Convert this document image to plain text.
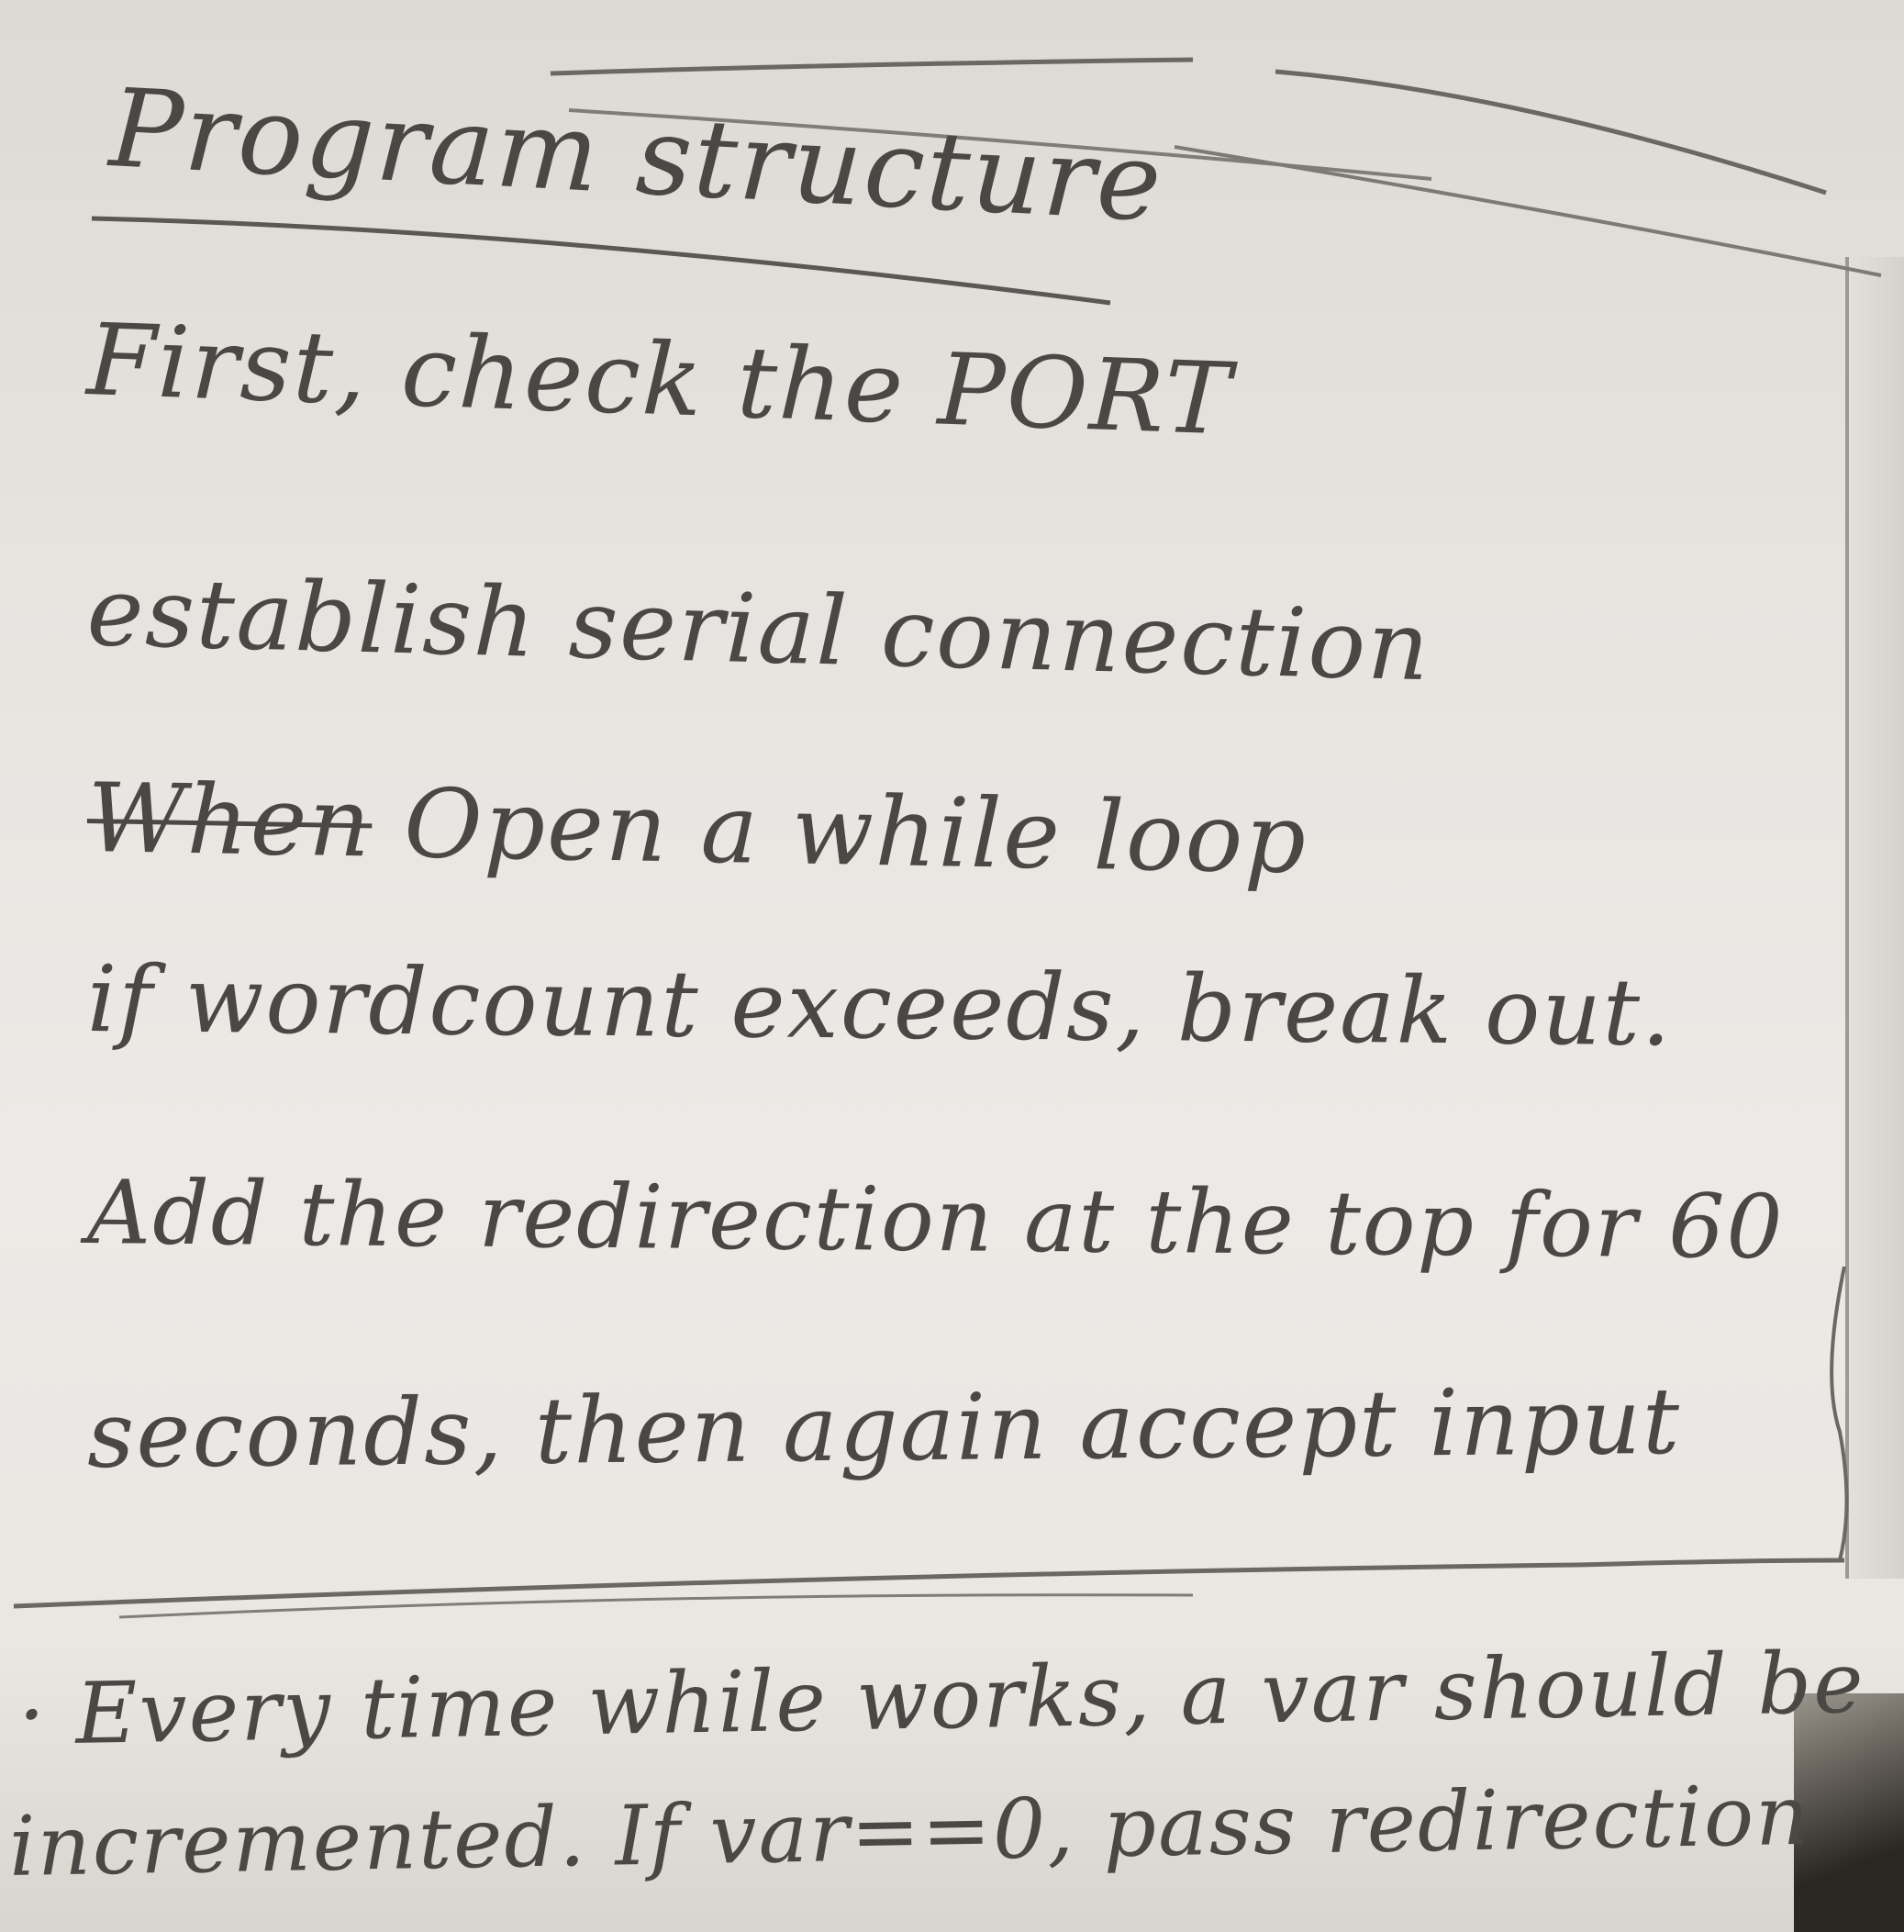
Program structure
First, check the PORT
establish serial connection
When Open a while loop
if wordcount exceeds, break out.
Add the redirection at the top for 60
seconds, then again accept input
· Every time while works, a var should be
incremented. If var==0, pass redirection
